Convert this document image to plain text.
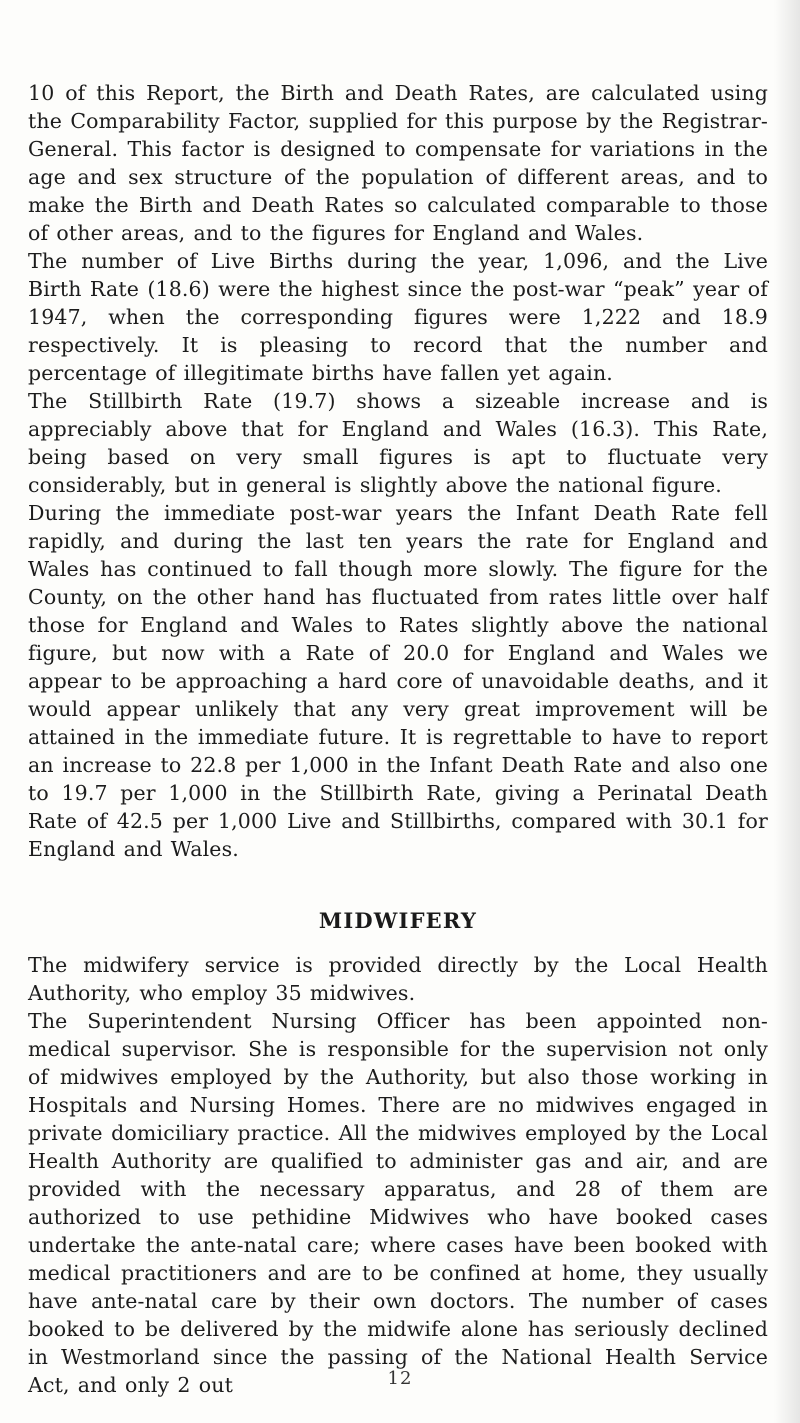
10 of this Report, the Birth and Death Rates, are calculated using the Comparability Factor, supplied for this purpose by the Registrar-General. This factor is designed to compensate for variations in the age and sex structure of the population of different areas, and to make the Birth and Death Rates so calculated comparable to those of other areas, and to the figures for England and Wales.

The number of Live Births during the year, 1,096, and the Live Birth Rate (18.6) were the highest since the post-war “peak” year of 1947, when the corresponding figures were 1,222 and 18.9 respectively. It is pleasing to record that the number and percentage of illegitimate births have fallen yet again.

The Stillbirth Rate (19.7) shows a sizeable increase and is appreciably above that for England and Wales (16.3). This Rate, being based on very small figures is apt to fluctuate very considerably, but in general is slightly above the national figure.

During the immediate post-war years the Infant Death Rate fell rapidly, and during the last ten years the rate for England and Wales has continued to fall though more slowly. The figure for the County, on the other hand has fluctuated from rates little over half those for England and Wales to Rates slightly above the national figure, but now with a Rate of 20.0 for England and Wales we appear to be approaching a hard core of unavoidable deaths, and it would appear unlikely that any very great improvement will be attained in the immediate future. It is regrettable to have to report an increase to 22.8 per 1,000 in the Infant Death Rate and also one to 19.7 per 1,000 in the Stillbirth Rate, giving a Perinatal Death Rate of 42.5 per 1,000 Live and Stillbirths, compared with 30.1 for England and Wales.

MIDWIFERY

The midwifery service is provided directly by the Local Health Authority, who employ 35 midwives.

The Superintendent Nursing Officer has been appointed non-medical supervisor. She is responsible for the supervision not only of midwives employed by the Authority, but also those working in Hospitals and Nursing Homes. There are no midwives engaged in private domiciliary practice. All the midwives employed by the Local Health Authority are qualified to administer gas and air, and are provided with the necessary apparatus, and 28 of them are authorized to use pethidine Midwives who have booked cases undertake the ante-natal care; where cases have been booked with medical practitioners and are to be confined at home, they usually have ante-natal care by their own doctors. The number of cases booked to be delivered by the midwife alone has seriously declined in Westmorland since the passing of the National Health Service Act, and only 2 out	12
